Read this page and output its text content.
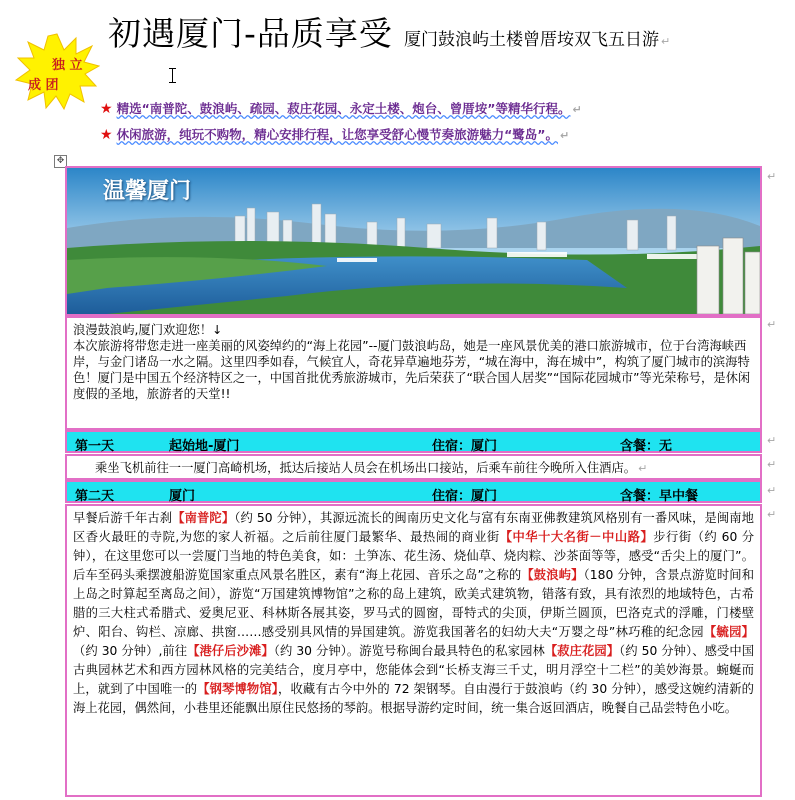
初遇厦门-品质享受 厦门鼓浪屿土楼曾厝垵双飞五日游 ↵
独 立
成 团
★ 精选“南普陀、鼓浪屿、疏园、菽庄花园、永定土楼、炮台、曾厝垵”等精华行程。 ↵
★ 休闲旅游，纯玩不购物，精心安排行程，让您享受舒心慢节奏旅游魅力“鹭岛”。 ↵
✥
温馨厦门
↵
浪漫鼓浪屿,厦门欢迎您！↓
本次旅游将带您走进一座美丽的风姿绰约的“海上花园”--厦门鼓浪屿岛，她是一座风景优美的港口旅游城市，位于台湾海峡西岸，与金门诸岛一水之隔。这里四季如春，气候宜人，奇花异草遍地芬芳，“城在海中，海在城中”，构筑了厦门城市的滨海特色！厦门是中国五个经济特区之一，中国首批优秀旅游城市，先后荣获了“联合国人居奖”“国际花园城市”等光荣称号，是休闲度假的圣地，旅游者的天堂!!
第一天	起始地-厦门	住宿：厦门	含餐：无
乘坐飞机前往一一厦门高崎机场，抵达后接站人员会在机场出口接站，后乘车前往今晚所入住酒店。 ↵
第二天	厦门	住宿：厦门	含餐：早中餐
早餐后游千年古刹【南普陀】（约 50 分钟），其源远流长的闽南历史文化与富有东南亚佛教建筑风格别有一番风味，是闽南地区香火最旺的寺院,为您的家人祈福。之后前往厦门最繁华、最热闹的商业街【中华十大名街－中山路】步行街（约 60 分钟），在这里您可以一尝厦门当地的特色美食，如：土笋冻、花生汤、烧仙草、烧肉粽、沙茶面等等，感受“舌尖上的厦门”。后车至码头乘摆渡船游览国家重点风景名胜区，素有“海上花园、音乐之岛”之称的【鼓浪屿】（180 分钟，含景点游览时间和上岛之时算起至离岛之间），游览“万国建筑博物馆”之称的岛上建筑，欧美式建筑物，错落有致，具有浓烈的地域特色，古希腊的三大柱式希腊式、爱奥尼亚、科林斯各展其姿，罗马式的圆窗，哥特式的尖顶，伊斯兰圆顶，巴洛克式的浮雕，门楼壁炉、阳台、钩栏、凉廊、拱窗……感受别具风情的异国建筑。游览我国著名的妇幼大夫“万婴之母”林巧稚的纪念园【毓园】（约 30 分钟）,前往【港仔后沙滩】（约 30 分钟）。游览号称闽台最具特色的私家园林【菽庄花园】（约 50 分钟）、感受中国古典园林艺术和西方园林风格的完美结合，度月亭中，您能体会到“长桥支海三千丈，明月浮空十二栏”的美妙海景。蜿蜒而上，就到了中国唯一的【钢琴博物馆】，收藏有古今中外的 72 架钢琴。自由漫行于鼓浪屿（约 30 分钟），感受这婉约清新的海上花园，偶然间，小巷里还能飘出原住民悠扬的琴韵。根据导游约定时间，统一集合返回酒店，晚餐自己品尝特色小吃。
↵
↵
↵
↵
↵
